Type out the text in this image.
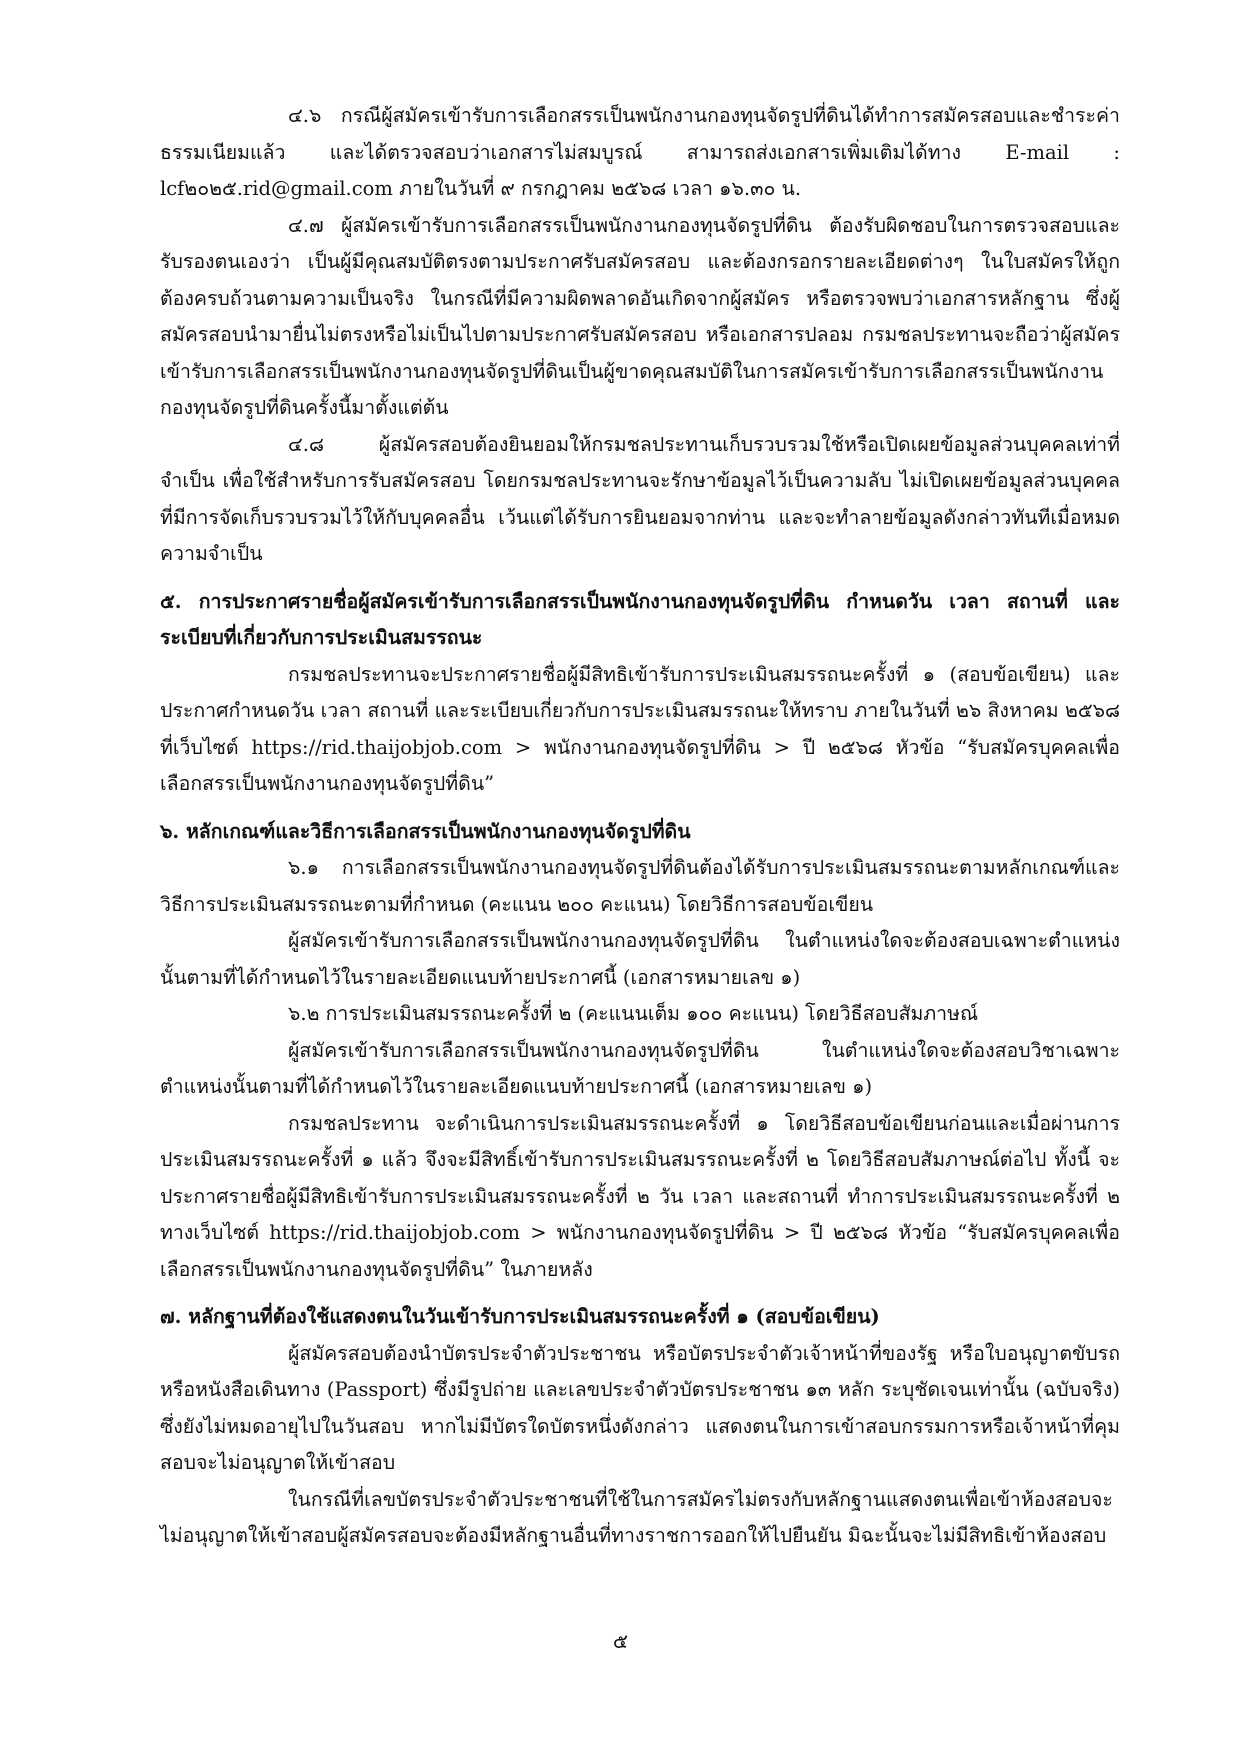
๔.๖ กรณีผู้สมัครเข้ารับการเลือกสรรเป็นพนักงานกองทุนจัดรูปที่ดินได้ทำการสมัครสอบและชำระค่าธรรมเนียมแล้ว และได้ตรวจสอบว่าเอกสารไม่สมบูรณ์ สามารถส่งเอกสารเพิ่มเติมได้ทาง E-mail : lcf๒๐๒๕.rid@gmail.com ภายในวันที่ ๙ กรกฎาคม ๒๕๖๘ เวลา ๑๖.๓๐ น.

๔.๗ ผู้สมัครเข้ารับการเลือกสรรเป็นพนักงานกองทุนจัดรูปที่ดิน ต้องรับผิดชอบในการตรวจสอบและรับรองตนเองว่า เป็นผู้มีคุณสมบัติตรงตามประกาศรับสมัครสอบ และต้องกรอกรายละเอียดต่างๆ ในใบสมัครให้ถูกต้องครบถ้วนตามความเป็นจริง ในกรณีที่มีความผิดพลาดอันเกิดจากผู้สมัคร หรือตรวจพบว่าเอกสารหลักฐาน ซึ่งผู้สมัครสอบนำมายื่นไม่ตรงหรือไม่เป็นไปตามประกาศรับสมัครสอบ หรือเอกสารปลอม กรมชลประทานจะถือว่าผู้สมัครเข้ารับการเลือกสรรเป็นพนักงานกองทุนจัดรูปที่ดินเป็นผู้ขาดคุณสมบัติในการสมัครเข้ารับการเลือกสรรเป็นพนักงานกองทุนจัดรูปที่ดินครั้งนี้มาตั้งแต่ต้น

๔.๘ ผู้สมัครสอบต้องยินยอมให้กรมชลประทานเก็บรวบรวมใช้หรือเปิดเผยข้อมูลส่วนบุคคลเท่าที่จำเป็น เพื่อใช้สำหรับการรับสมัครสอบ โดยกรมชลประทานจะรักษาข้อมูลไว้เป็นความลับ ไม่เปิดเผยข้อมูลส่วนบุคคลที่มีการจัดเก็บรวบรวมไว้ให้กับบุคคลอื่น เว้นแต่ได้รับการยินยอมจากท่าน และจะทำลายข้อมูลดังกล่าวทันทีเมื่อหมดความจำเป็น

๕. การประกาศรายชื่อผู้สมัครเข้ารับการเลือกสรรเป็นพนักงานกองทุนจัดรูปที่ดิน กำหนดวัน เวลา สถานที่ และระเบียบที่เกี่ยวกับการประเมินสมรรถนะ

กรมชลประทานจะประกาศรายชื่อผู้มีสิทธิเข้ารับการประเมินสมรรถนะครั้งที่ ๑ (สอบข้อเขียน) และประกาศกำหนดวัน เวลา สถานที่ และระเบียบเกี่ยวกับการประเมินสมรรถนะให้ทราบ ภายในวันที่ ๒๖ สิงหาคม ๒๕๖๘ ที่เว็บไซต์ https://rid.thaijobjob.com > พนักงานกองทุนจัดรูปที่ดิน > ปี ๒๕๖๘ หัวข้อ “รับสมัครบุคคลเพื่อเลือกสรรเป็นพนักงานกองทุนจัดรูปที่ดิน”

๖. หลักเกณฑ์และวิธีการเลือกสรรเป็นพนักงานกองทุนจัดรูปที่ดิน

๖.๑ การเลือกสรรเป็นพนักงานกองทุนจัดรูปที่ดินต้องได้รับการประเมินสมรรถนะตามหลักเกณฑ์และวิธีการประเมินสมรรถนะตามที่กำหนด (คะแนน ๒๐๐ คะแนน) โดยวิธีการสอบข้อเขียน

ผู้สมัครเข้ารับการเลือกสรรเป็นพนักงานกองทุนจัดรูปที่ดิน ในตำแหน่งใดจะต้องสอบเฉพาะตำแหน่งนั้นตามที่ได้กำหนดไว้ในรายละเอียดแนบท้ายประกาศนี้ (เอกสารหมายเลข ๑)

๖.๒ การประเมินสมรรถนะครั้งที่ ๒ (คะแนนเต็ม ๑๐๐ คะแนน) โดยวิธีสอบสัมภาษณ์

ผู้สมัครเข้ารับการเลือกสรรเป็นพนักงานกองทุนจัดรูปที่ดิน ในตำแหน่งใดจะต้องสอบวิชาเฉพาะตำแหน่งนั้นตามที่ได้กำหนดไว้ในรายละเอียดแนบท้ายประกาศนี้ (เอกสารหมายเลข ๑)

กรมชลประทาน จะดำเนินการประเมินสมรรถนะครั้งที่ ๑ โดยวิธีสอบข้อเขียนก่อนและเมื่อผ่านการประเมินสมรรถนะครั้งที่ ๑ แล้ว จึงจะมีสิทธิ์เข้ารับการประเมินสมรรถนะครั้งที่ ๒ โดยวิธีสอบสัมภาษณ์ต่อไป ทั้งนี้ จะประกาศรายชื่อผู้มีสิทธิเข้ารับการประเมินสมรรถนะครั้งที่ ๒ วัน เวลา และสถานที่ ทำการประเมินสมรรถนะครั้งที่ ๒ ทางเว็บไซต์ https://rid.thaijobjob.com > พนักงานกองทุนจัดรูปที่ดิน > ปี ๒๕๖๘ หัวข้อ “รับสมัครบุคคลเพื่อเลือกสรรเป็นพนักงานกองทุนจัดรูปที่ดิน” ในภายหลัง

๗. หลักฐานที่ต้องใช้แสดงตนในวันเข้ารับการประเมินสมรรถนะครั้งที่ ๑ (สอบข้อเขียน)

ผู้สมัครสอบต้องนำบัตรประจำตัวประชาชน หรือบัตรประจำตัวเจ้าหน้าที่ของรัฐ หรือใบอนุญาตขับรถหรือหนังสือเดินทาง (Passport) ซึ่งมีรูปถ่าย และเลขประจำตัวบัตรประชาชน ๑๓ หลัก ระบุชัดเจนเท่านั้น (ฉบับจริง) ซึ่งยังไม่หมดอายุไปในวันสอบ หากไม่มีบัตรใดบัตรหนึ่งดังกล่าว แสดงตนในการเข้าสอบกรรมการหรือเจ้าหน้าที่คุมสอบจะไม่อนุญาตให้เข้าสอบ

ในกรณีที่เลขบัตรประจำตัวประชาชนที่ใช้ในการสมัครไม่ตรงกับหลักฐานแสดงตนเพื่อเข้าห้องสอบจะไม่อนุญาตให้เข้าสอบผู้สมัครสอบจะต้องมีหลักฐานอื่นที่ทางราชการออกให้ไปยืนยัน มิฉะนั้นจะไม่มีสิทธิเข้าห้องสอบ

๕
